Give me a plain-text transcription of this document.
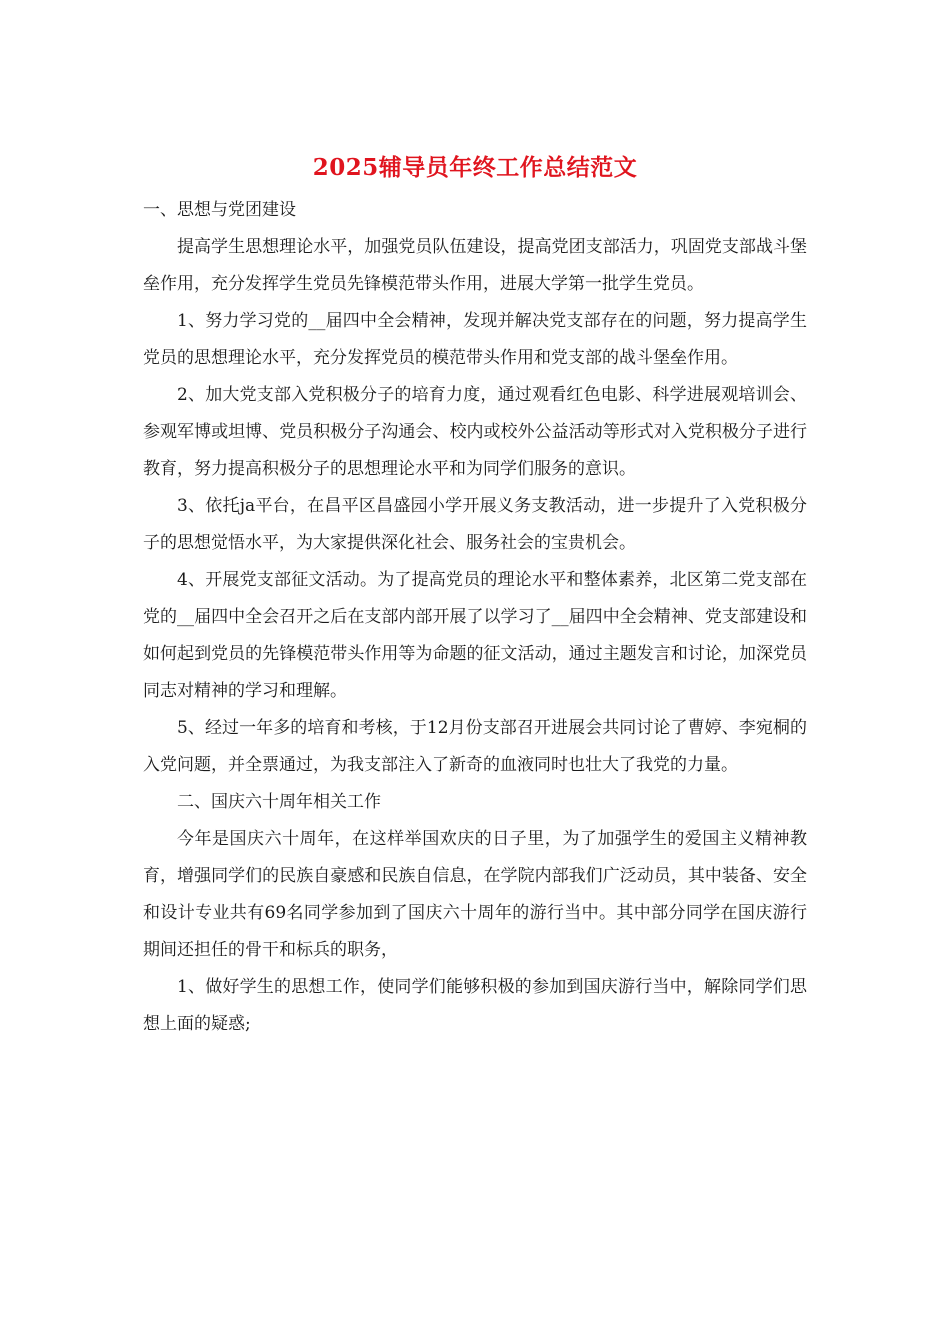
2025辅导员年终工作总结范文

一、思想与党团建设

提高学生思想理论水平，加强党员队伍建设，提高党团支部活力，巩固党支部战斗堡垒作用，充分发挥学生党员先锋模范带头作用，进展大学第一批学生党员。

1、努力学习党的__届四中全会精神，发现并解决党支部存在的问题，努力提高学生党员的思想理论水平，充分发挥党员的模范带头作用和党支部的战斗堡垒作用。

2、加大党支部入党积极分子的培育力度，通过观看红色电影、科学进展观培训会、参观军博或坦博、党员积极分子沟通会、校内或校外公益活动等形式对入党积极分子进行教育，努力提高积极分子的思想理论水平和为同学们服务的意识。

3、依托ja平台，在昌平区昌盛园小学开展义务支教活动，进一步提升了入党积极分子的思想觉悟水平，为大家提供深化社会、服务社会的宝贵机会。

4、开展党支部征文活动。为了提高党员的理论水平和整体素养，北区第二党支部在党的__届四中全会召开之后在支部内部开展了以学习了__届四中全会精神、党支部建设和如何起到党员的先锋模范带头作用等为命题的征文活动，通过主题发言和讨论，加深党员同志对精神的学习和理解。

5、经过一年多的培育和考核，于12月份支部召开进展会共同讨论了曹婷、李宛桐的入党问题，并全票通过，为我支部注入了新奇的血液同时也壮大了我党的力量。

二、国庆六十周年相关工作

今年是国庆六十周年，在这样举国欢庆的日子里，为了加强学生的爱国主义精神教育，增强同学们的民族自豪感和民族自信息，在学院内部我们广泛动员，其中装备、安全和设计专业共有69名同学参加到了国庆六十周年的游行当中。其中部分同学在国庆游行期间还担任的骨干和标兵的职务，

1、做好学生的思想工作，使同学们能够积极的参加到国庆游行当中，解除同学们思想上面的疑惑;
